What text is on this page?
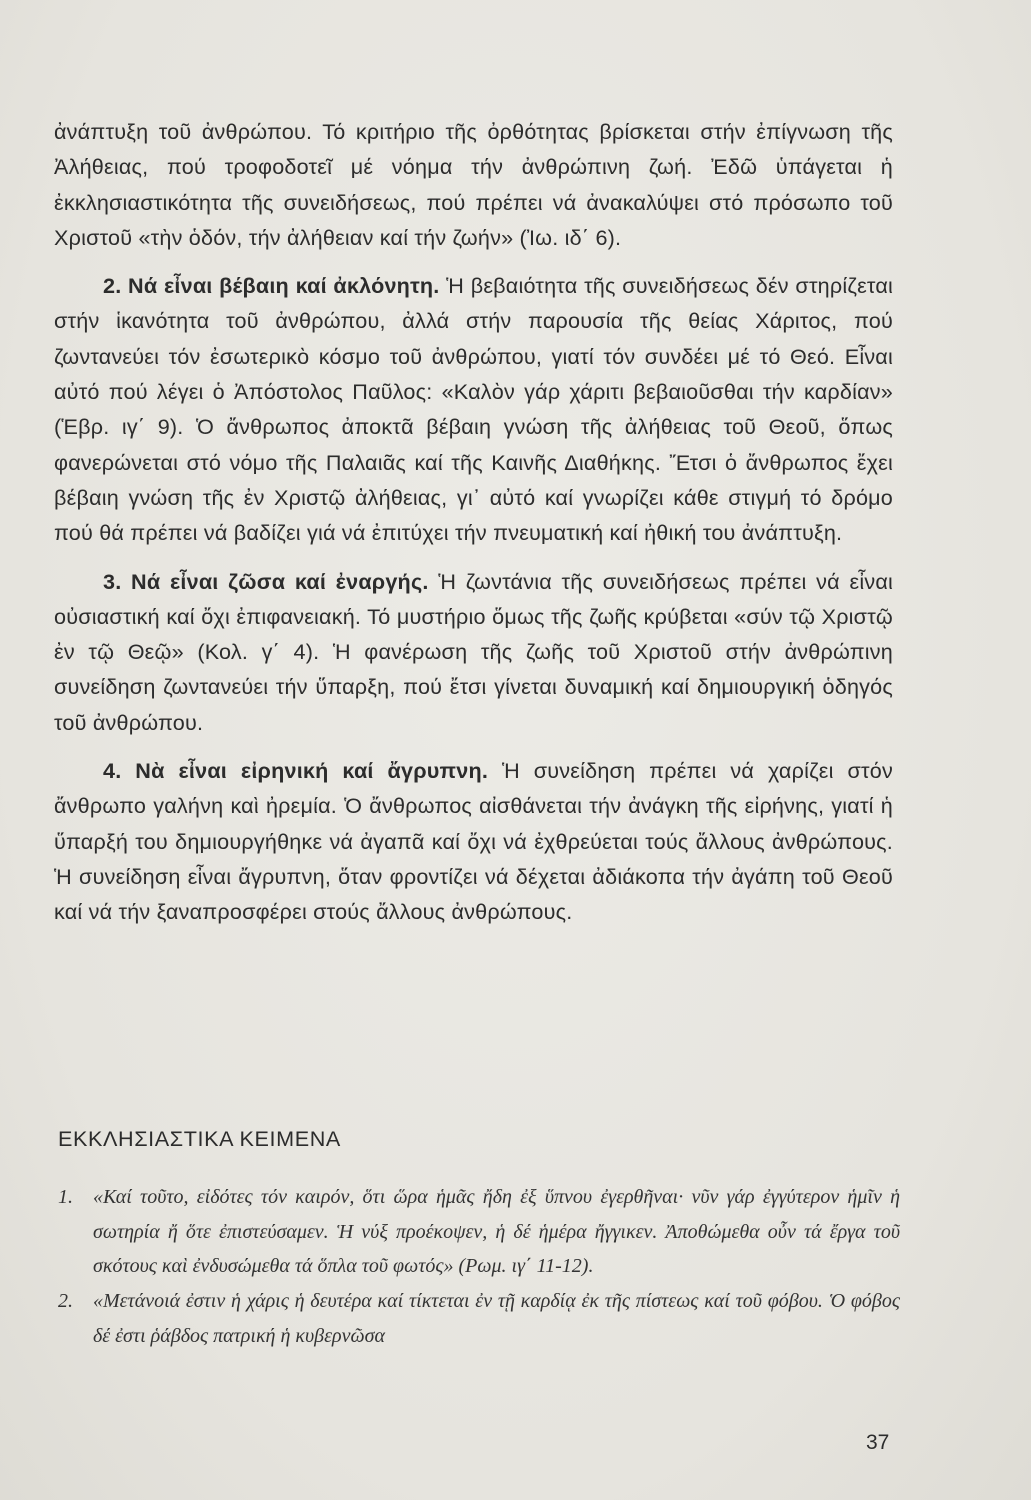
ἀνάπτυξη τοῦ ἀνθρώπου. Τό κριτήριο τῆς ὀρθότητας βρίσκεται στήν ἐπίγνωση τῆς Ἀλήθειας, πού τροφοδοτεῖ μέ νόημα τήν ἀνθρώπινη ζωή. Ἐδῶ ὑπάγεται ἡ ἐκκλησιαστικότητα τῆς συνειδήσεως, πού πρέπει νά ἀνακαλύψει στό πρόσωπο τοῦ Χριστοῦ «τὴν ὁδόν, τήν ἀλήθειαν καί τήν ζωήν» (Ἰω. ιδ΄ 6).

2. Νά εἶναι βέβαιη καί ἀκλόνητη. Ἡ βεβαιότητα τῆς συνειδήσεως δέν στηρίζεται στήν ἱκανότητα τοῦ ἀνθρώπου, ἀλλά στήν παρουσία τῆς θείας Χάριτος, πού ζωντανεύει τόν ἐσωτερικὸ κόσμο τοῦ ἀνθρώπου, γιατί τόν συνδέει μέ τό Θεό. Εἶναι αὐτό πού λέγει ὁ Ἀπόστολος Παῦλος: «Καλὸν γάρ χάριτι βεβαιοῦσθαι τήν καρδίαν» (Ἑβρ. ιγ΄ 9). Ὁ ἄνθρωπος ἀποκτᾶ βέβαιη γνώση τῆς ἀλήθειας τοῦ Θεοῦ, ὅπως φανερώνεται στό νόμο τῆς Παλαιᾶς καί τῆς Καινῆς Διαθήκης. Ἔτσι ὁ ἄνθρωπος ἔχει βέβαιη γνώση τῆς ἐν Χριστῷ ἀλήθειας, γι᾽ αὐτό καί γνωρίζει κάθε στιγμή τό δρόμο πού θά πρέπει νά βαδίζει γιά νά ἐπιτύχει τήν πνευματική καί ἠθική του ἀνάπτυξη.

3. Νά εἶναι ζῶσα καί ἐναργής. Ἡ ζωντάνια τῆς συνειδήσεως πρέπει νά εἶναι οὐσιαστική καί ὄχι ἐπιφανειακή. Τό μυστήριο ὅμως τῆς ζωῆς κρύβεται «σύν τῷ Χριστῷ ἐν τῷ Θεῷ» (Κολ. γ΄ 4). Ἡ φανέρωση τῆς ζωῆς τοῦ Χριστοῦ στήν ἀνθρώπινη συνείδηση ζωντανεύει τήν ὕπαρξη, πού ἔτσι γίνεται δυναμική καί δημιουργική ὁδηγός τοῦ ἀνθρώπου.

4. Νὰ εἶναι εἰρηνική καί ἄγρυπνη. Ἡ συνείδηση πρέπει νά χαρίζει στόν ἄνθρωπο γαλήνη καὶ ἠρεμία. Ὁ ἄνθρωπος αἰσθάνεται τήν ἀνάγκη τῆς εἰρήνης, γιατί ἡ ὕπαρξή του δημιουργήθηκε νά ἀγαπᾶ καί ὄχι νά ἐχθρεύεται τούς ἄλλους ἀνθρώπους. Ἡ συνείδηση εἶναι ἄγρυπνη, ὅταν φροντίζει νά δέχεται ἀδιάκοπα τήν ἀγάπη τοῦ Θεοῦ καί νά τήν ξαναπροσφέρει στούς ἄλλους ἀνθρώπους.

ΕΚΚΛΗΣΙΑΣΤΙΚΑ ΚΕΙΜΕΝΑ
1. «Καί τοῦτο, εἰδότες τόν καιρόν, ὅτι ὥρα ἡμᾶς ἤδη ἐξ ὕπνου ἐγερθῆναι· νῦν γάρ ἐγγύτερον ἡμῖν ἡ σωτηρία ἤ ὅτε ἐπιστεύσαμεν. Ἡ νύξ προέκοψεν, ἡ δέ ἡμέρα ἤγγικεν. Ἀποθώμεθα οὖν τά ἔργα τοῦ σκότους καὶ ἐνδυσώμεθα τά ὅπλα τοῦ φωτός» (Ρωμ. ιγ΄ 11-12).
2. «Μετάνοιά ἐστιν ἡ χάρις ἡ δευτέρα καί τίκτεται ἐν τῇ καρδίᾳ ἐκ τῆς πίστεως καί τοῦ φόβου. Ὁ φόβος δέ ἐστι ῥάβδος πατρική ἡ κυβερνῶσα
37
